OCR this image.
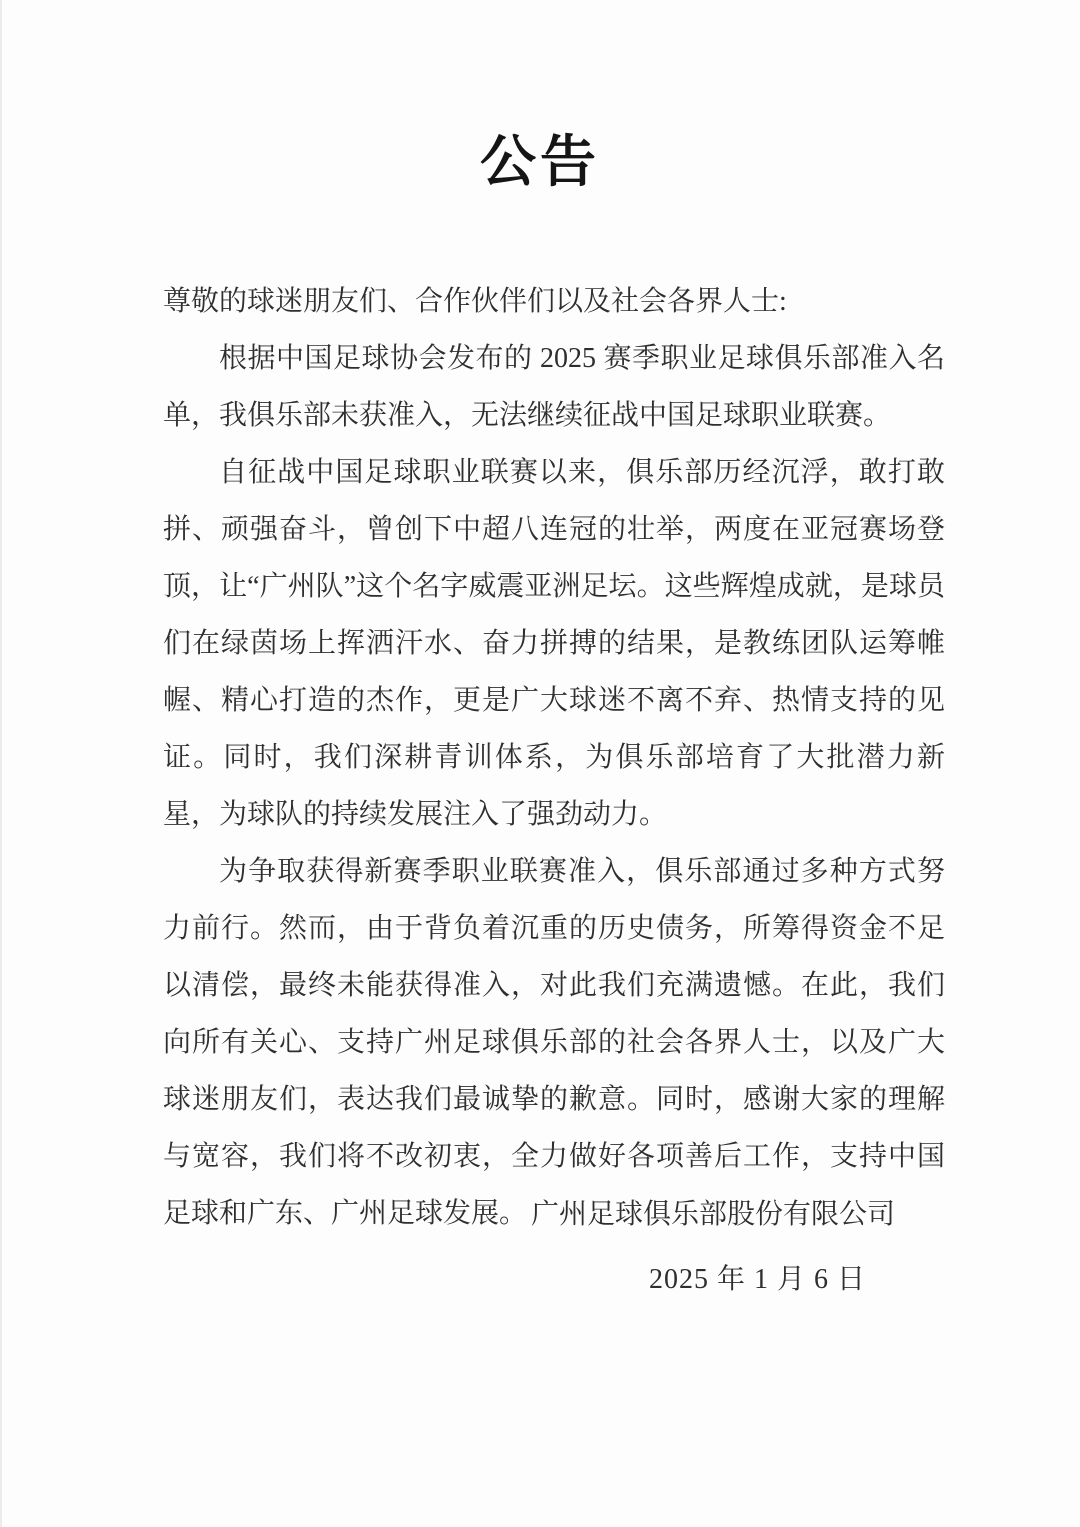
公告

尊敬的球迷朋友们、合作伙伴们以及社会各界人士:

根据中国足球协会发布的 2025 赛季职业足球俱乐部准入名单，我俱乐部未获准入，无法继续征战中国足球职业联赛。

自征战中国足球职业联赛以来，俱乐部历经沉浮，敢打敢拼、顽强奋斗，曾创下中超八连冠的壮举，两度在亚冠赛场登顶，让“广州队”这个名字威震亚洲足坛。这些辉煌成就，是球员们在绿茵场上挥洒汗水、奋力拼搏的结果，是教练团队运筹帷幄、精心打造的杰作，更是广大球迷不离不弃、热情支持的见证。同时，我们深耕青训体系，为俱乐部培育了大批潜力新星，为球队的持续发展注入了强劲动力。

为争取获得新赛季职业联赛准入，俱乐部通过多种方式努力前行。然而，由于背负着沉重的历史债务，所筹得资金不足以清偿，最终未能获得准入，对此我们充满遗憾。在此，我们向所有关心、支持广州足球俱乐部的社会各界人士，以及广大球迷朋友们，表达我们最诚挚的歉意。同时，感谢大家的理解与宽容，我们将不改初衷，全力做好各项善后工作，支持中国足球和广东、广州足球发展。 广州足球俱乐部股份有限公司
2025 年 1 月 6 日
